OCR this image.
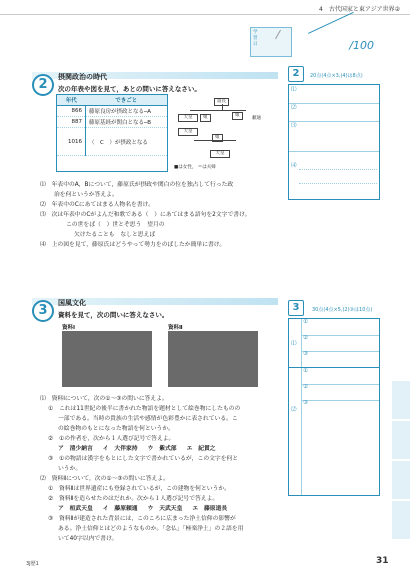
4　古代国家と東アジア世界②
学習日	/100
2	摂関政治の時代
次の年表や図を見て，あとの問いに答えなさい。
年代	できごと
866	藤原良房が摂政となる─A
887	藤原基経が関白となる─B
1016	（　C　）が摂政となる
道長
天皇	娘	頼通
娘
天皇
娘
天皇
■は女性， ＝は夫婦
⑴　年表中のA，Bについて，藤原氏が摂政や関白の位を独占して行った政
治を何というか答えよ。
⑵　年表中のCにあてはまる人物名を書け。
⑶　次は年表中のCがよんだ和歌である（　）にあてはまる語句を2文字で書け。
この世をば（　）世とぞ思う　望月の
欠けたることも　なしと思えば
⑷　上の図を見て，藤原氏はどうやって勢力をのばしたか簡単に書け。
3	国風文化
資料を見て，次の問いに答えなさい。
資料Ⅰ	資料Ⅱ
⑴　資料Ⅰについて，次の①～③の問いに答えよ。
①　これは11世紀の後半に書かれた物語を題材として絵巻物にしたものの
一部である。当時の貴族の生活や感情が色彩豊かに表されている。こ
の絵巻物のもとになった物語を何というか。
②　①の作者を，次から１人選び記号で答えよ。
ア　清少納言 イ　大伴家持 ウ　紫式部 エ　紀貫之
③　①の物語は漢字をもとにした文字で書かれているが，この文字を何と
いうか。
⑵　資料Ⅱについて，次の①～③の問いに答えよ。
①　資料Ⅱは世界遺産にも登録されているが，この建物を何というか。
②　資料Ⅱを造らせたのはだれか。次から１人選び記号で答えよ。
ア　桓武天皇 イ　藤原頼通 ウ　天武天皇 エ　藤原道長
③　資料Ⅱが建造された背景には，このころに広まった浄土信仰の影響が
ある。浄土信仰とはどのようなものか。「念仏」「極楽浄土」の２語を用
いて40字以内で書け。
2	20点(4点×3,(4)は8点)
⑴
⑵
⑶
⑷
3	30点(4点×5,(2)③は10点)
⑴
①
②
③
⑵
①
②
③
3J歴1	31
